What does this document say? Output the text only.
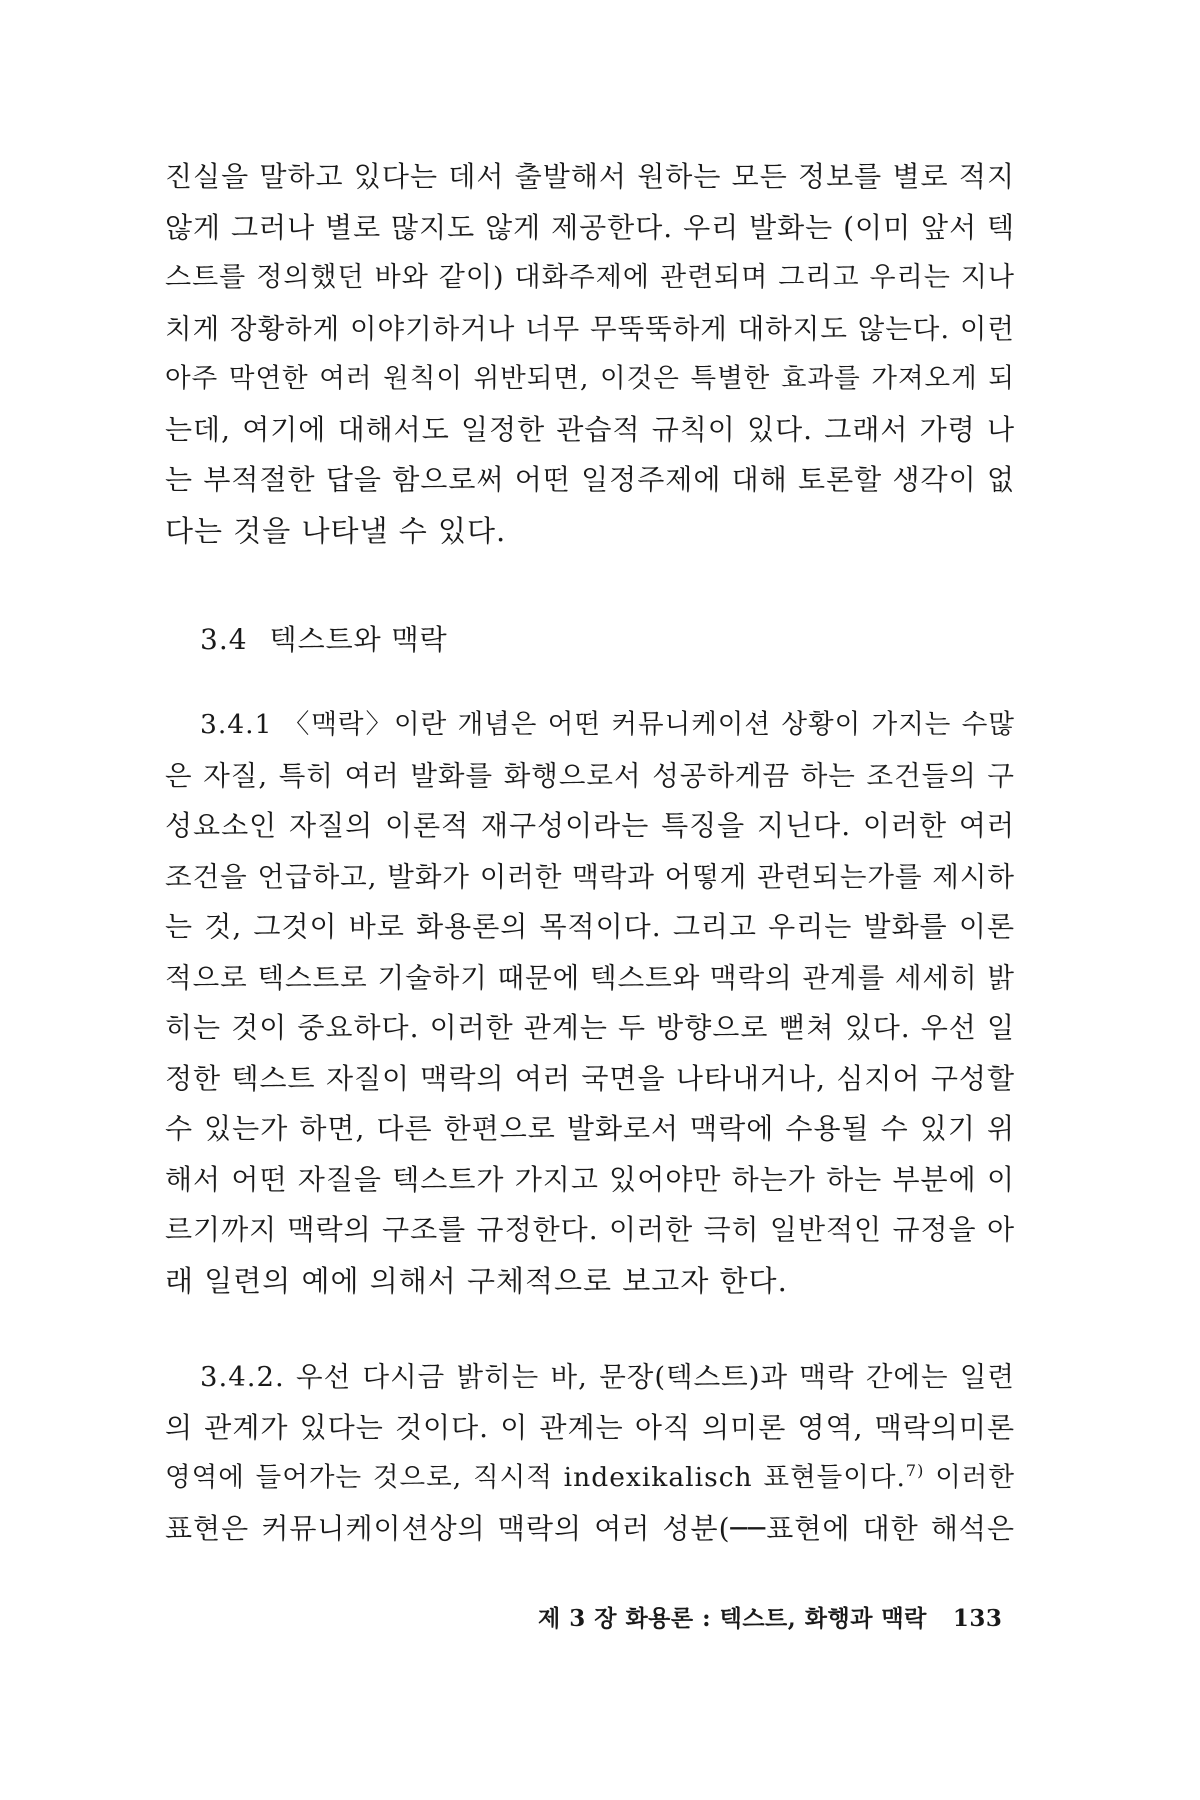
진실을 말하고 있다는 데서 출발해서 원하는 모든 정보를 별로 적지
않게 그러나 별로 많지도 않게 제공한다. 우리 발화는 (이미 앞서 텍
스트를 정의했던 바와 같이) 대화주제에 관련되며 그리고 우리는 지나
치게 장황하게 이야기하거나 너무 무뚝뚝하게 대하지도 않는다. 이런
아주 막연한 여러 원칙이 위반되면, 이것은 특별한 효과를 가져오게 되
는데, 여기에 대해서도 일정한 관습적 규칙이 있다. 그래서 가령 나
는 부적절한 답을 함으로써 어떤 일정주제에 대해 토론할 생각이 없
다는 것을 나타낼 수 있다.
3.4 텍스트와 맥락
3.4.1 〈맥락〉이란 개념은 어떤 커뮤니케이션 상황이 가지는 수많
은 자질, 특히 여러 발화를 화행으로서 성공하게끔 하는 조건들의 구
성요소인 자질의 이론적 재구성이라는 특징을 지닌다. 이러한 여러
조건을 언급하고, 발화가 이러한 맥락과 어떻게 관련되는가를 제시하
는 것, 그것이 바로 화용론의 목적이다. 그리고 우리는 발화를 이론
적으로 텍스트로 기술하기 때문에 텍스트와 맥락의 관계를 세세히 밝
히는 것이 중요하다. 이러한 관계는 두 방향으로 뻗쳐 있다. 우선 일
정한 텍스트 자질이 맥락의 여러 국면을 나타내거나, 심지어 구성할
수 있는가 하면, 다른 한편으로 발화로서 맥락에 수용될 수 있기 위
해서 어떤 자질을 텍스트가 가지고 있어야만 하는가 하는 부분에 이
르기까지 맥락의 구조를 규정한다. 이러한 극히 일반적인 규정을 아
래 일련의 예에 의해서 구체적으로 보고자 한다.
3.4.2. 우선 다시금 밝히는 바, 문장(텍스트)과 맥락 간에는 일련
의 관계가 있다는 것이다. 이 관계는 아직 의미론 영역, 맥락의미론
영역에 들어가는 것으로, 직시적 indexikalisch 표현들이다.$^{7)}$ 이러한
표현은 커뮤니케이션상의 맥락의 여러 성분(──표현에 대한 해석은
제 3 장 화용론 : 텍스트, 화행과 맥락 133
